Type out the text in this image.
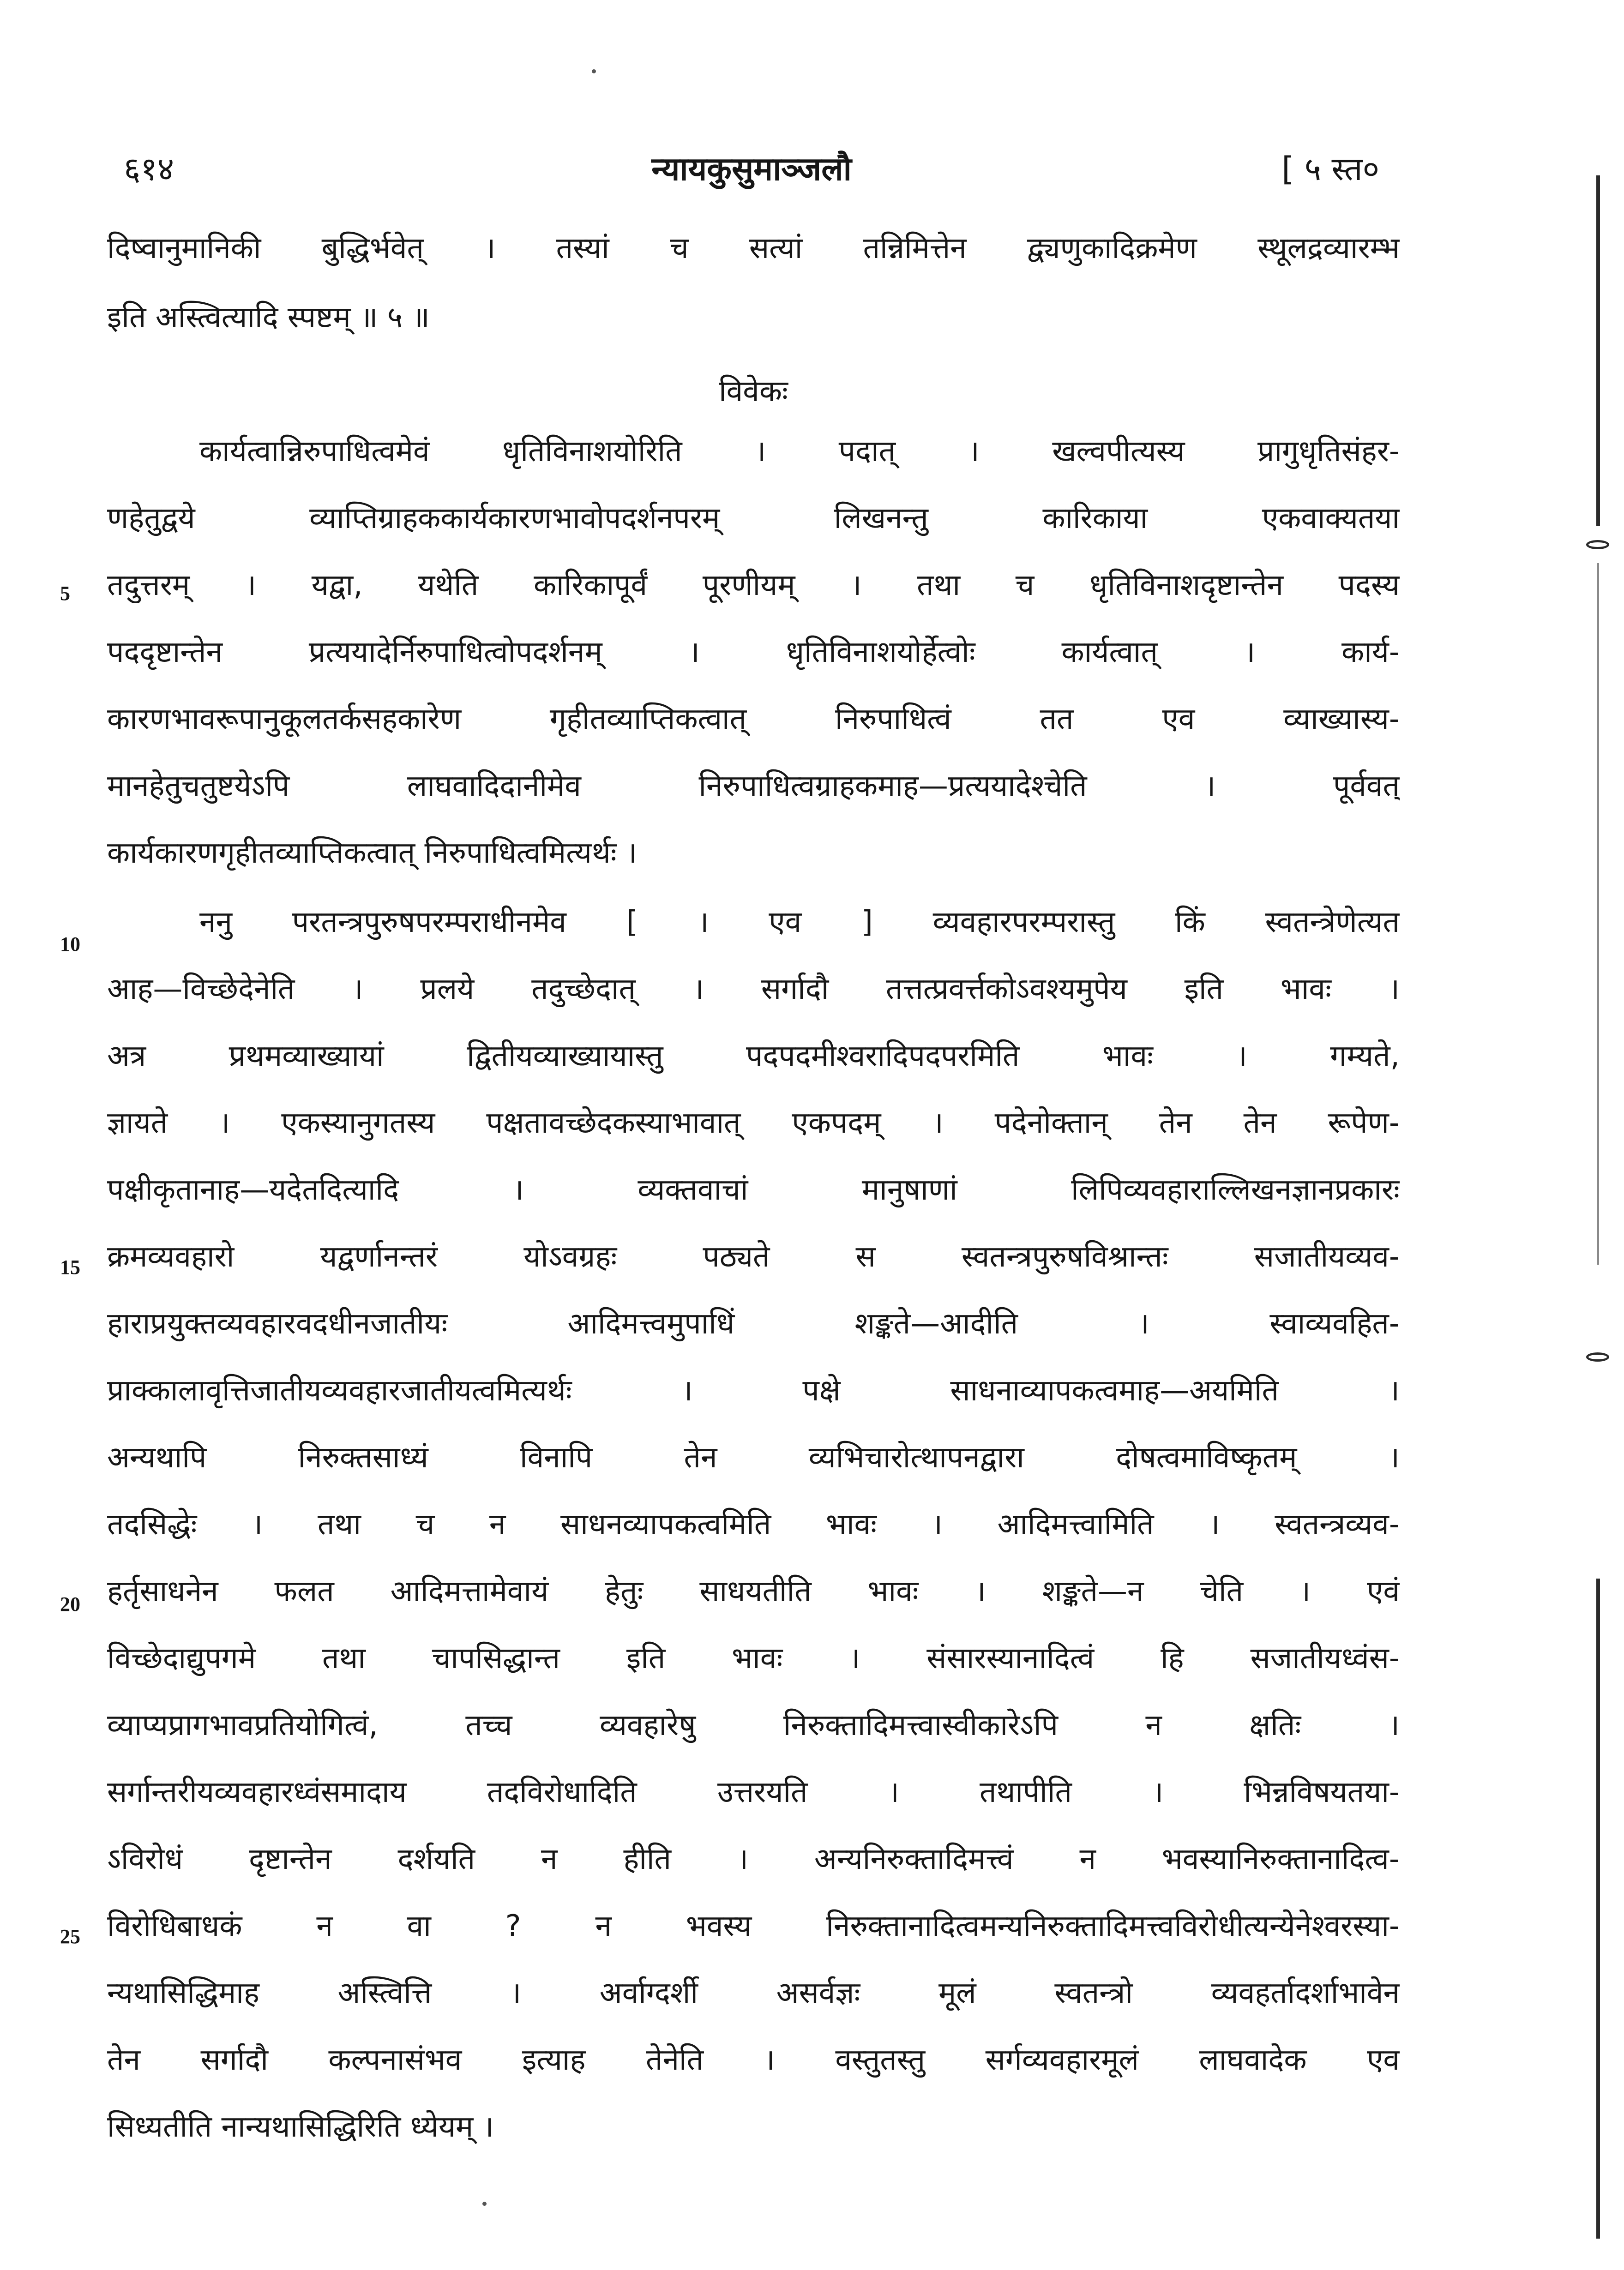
६१४	न्यायकुसुमाञ्जलौ	[ ५ स्त०
दिष्वानुमानिकी बुद्धिर्भवेत् । तस्यां च सत्यां तन्निमित्तेन द्व्यणुकादिक्रमेण स्थूलद्रव्यारम्भ
इति अस्त्वित्यादि स्पष्टम् ॥ ५ ॥
विवेकः
कार्यत्वान्निरुपाधित्वमेवं धृतिविनाशयोरिति । पदात् । खल्वपीत्यस्य प्रागुधृतिसंहर-
णहेतुद्वये व्याप्तिग्राहककार्यकारणभावोपदर्शनपरम् लिखनन्तु कारिकाया एकवाक्यतया
तदुत्तरम् । यद्वा, यथेति कारिकापूर्वं पूरणीयम् । तथा च धृतिविनाशदृष्टान्तेन पदस्य
पददृष्टान्तेन प्रत्ययादेर्निरुपाधित्वोपदर्शनम् । धृतिविनाशयोर्हेत्वोः कार्यत्वात् । कार्य-
कारणभावरूपानुकूलतर्कसहकारेण गृहीतव्याप्तिकत्वात् निरुपाधित्वं तत एव व्याख्यास्य-
मानहेतुचतुष्टयेऽपि लाघवादिदानीमेव निरुपाधित्वग्राहकमाह—प्रत्ययादेश्चेति । पूर्ववत्
कार्यकारणगृहीतव्याप्तिकत्वात् निरुपाधित्वमित्यर्थः ।
ननु परतन्त्रपुरुषपरम्पराधीनमेव [ । एव ] व्यवहारपरम्परास्तु किं स्वतन्त्रेणेत्यत
आह—विच्छेदेनेति । प्रलये तदुच्छेदात् । सर्गादौ तत्तत्प्रवर्त्तकोऽवश्यमुपेय इति भावः ।
अत्र प्रथमव्याख्यायां द्वितीयव्याख्यायास्तु पदपदमीश्वरादिपदपरमिति भावः । गम्यते,
ज्ञायते । एकस्यानुगतस्य पक्षतावच्छेदकस्याभावात् एकपदम् । पदेनोक्तान् तेन तेन रूपेण-
पक्षीकृतानाह—यदेतदित्यादि । व्यक्तवाचां मानुषाणां लिपिव्यवहाराल्लिखनज्ञानप्रकारः
क्रमव्यवहारो यद्वर्णानन्तरं योऽवग्रहः पठ्यते स स्वतन्त्रपुरुषविश्रान्तः सजातीयव्यव-
हाराप्रयुक्तव्यवहारवदधीनजातीयः आदिमत्त्वमुपाधिं शङ्कते—आदीति । स्वाव्यवहित-
प्राक्कालावृत्तिजातीयव्यवहारजातीयत्वमित्यर्थः । पक्षे साधनाव्यापकत्वमाह—अयमिति ।
अन्यथापि निरुक्तसाध्यं विनापि तेन व्यभिचारोत्थापनद्वारा दोषत्वमाविष्कृतम् ।
तदसिद्धेः । तथा च न साधनव्यापकत्वमिति भावः । आदिमत्त्वामिति । स्वतन्त्रव्यव-
हर्तृसाधनेन फलत आदिमत्तामेवायं हेतुः साधयतीति भावः । शङ्कते—न चेति । एवं
विच्छेदाद्युपगमे तथा चापसिद्धान्त इति भावः । संसारस्यानादित्वं हि सजातीयध्वंस-
व्याप्यप्रागभावप्रतियोगित्वं, तच्च व्यवहारेषु निरुक्तादिमत्त्वास्वीकारेऽपि न क्षतिः ।
सर्गान्तरीयव्यवहारध्वंसमादाय तदविरोधादिति उत्तरयति । तथापीति । भिन्नविषयतया-
ऽविरोधं दृष्टान्तेन दर्शयति न हीति । अन्यनिरुक्तादिमत्त्वं न भवस्यानिरुक्तानादित्व-
विरोधिबाधकं न वा ? न भवस्य निरुक्तानादित्वमन्यनिरुक्तादिमत्त्वविरोधीत्यन्येनेश्वरस्या-
न्यथासिद्धिमाह अस्त्वित्ति । अर्वाग्दर्शी असर्वज्ञः मूलं स्वतन्त्रो व्यवहर्तादर्शाभावेन
तेन सर्गादौ कल्पनासंभव इत्याह तेनेति । वस्तुतस्तु सर्गव्यवहारमूलं लाघवादेक एव
सिध्यतीति नान्यथासिद्धिरिति ध्येयम् ।
5
10
15
20
25
